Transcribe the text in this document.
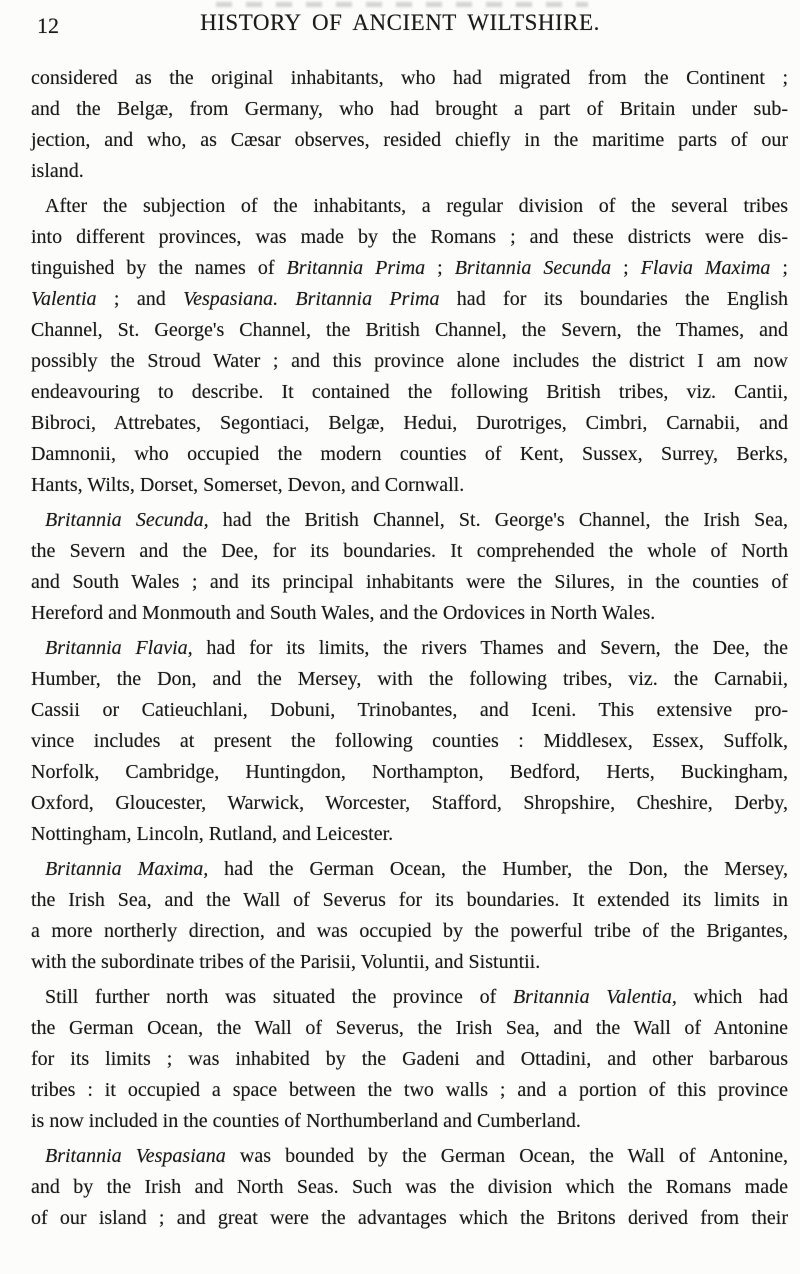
12	HISTORY OF ANCIENT WILTSHIRE.

considered as the original inhabitants, who had migrated from the Continent ;
and the Belgæ, from Germany, who had brought a part of Britain under sub-
jection, and who, as Cæsar observes, resided chiefly in the maritime parts of our
island.

After the subjection of the inhabitants, a regular division of the several tribes
into different provinces, was made by the Romans ; and these districts were dis-
tinguished by the names of Britannia Prima ; Britannia Secunda ; Flavia Maxima ;
Valentia ; and Vespasiana. Britannia Prima had for its boundaries the English
Channel, St. George's Channel, the British Channel, the Severn, the Thames, and
possibly the Stroud Water ; and this province alone includes the district I am now
endeavouring to describe. It contained the following British tribes, viz. Cantii,
Bibroci, Attrebates, Segontiaci, Belgæ, Hedui, Durotriges, Cimbri, Carnabii, and
Damnonii, who occupied the modern counties of Kent, Sussex, Surrey, Berks,
Hants, Wilts, Dorset, Somerset, Devon, and Cornwall.

Britannia Secunda, had the British Channel, St. George's Channel, the Irish Sea,
the Severn and the Dee, for its boundaries. It comprehended the whole of North
and South Wales ; and its principal inhabitants were the Silures, in the counties of
Hereford and Monmouth and South Wales, and the Ordovices in North Wales.

Britannia Flavia, had for its limits, the rivers Thames and Severn, the Dee, the
Humber, the Don, and the Mersey, with the following tribes, viz. the Carnabii,
Cassii or Catieuchlani, Dobuni, Trinobantes, and Iceni. This extensive pro-
vince includes at present the following counties : Middlesex, Essex, Suffolk,
Norfolk, Cambridge, Huntingdon, Northampton, Bedford, Herts, Buckingham,
Oxford, Gloucester, Warwick, Worcester, Stafford, Shropshire, Cheshire, Derby,
Nottingham, Lincoln, Rutland, and Leicester.

Britannia Maxima, had the German Ocean, the Humber, the Don, the Mersey,
the Irish Sea, and the Wall of Severus for its boundaries. It extended its limits in
a more northerly direction, and was occupied by the powerful tribe of the Brigantes,
with the subordinate tribes of the Parisii, Voluntii, and Sistuntii.

Still further north was situated the province of Britannia Valentia, which had
the German Ocean, the Wall of Severus, the Irish Sea, and the Wall of Antonine
for its limits ; was inhabited by the Gadeni and Ottadini, and other barbarous
tribes : it occupied a space between the two walls ; and a portion of this province
is now included in the counties of Northumberland and Cumberland.

Britannia Vespasiana was bounded by the German Ocean, the Wall of Antonine,
and by the Irish and North Seas. Such was the division which the Romans made
of our island ; and great were the advantages which the Britons derived from their
